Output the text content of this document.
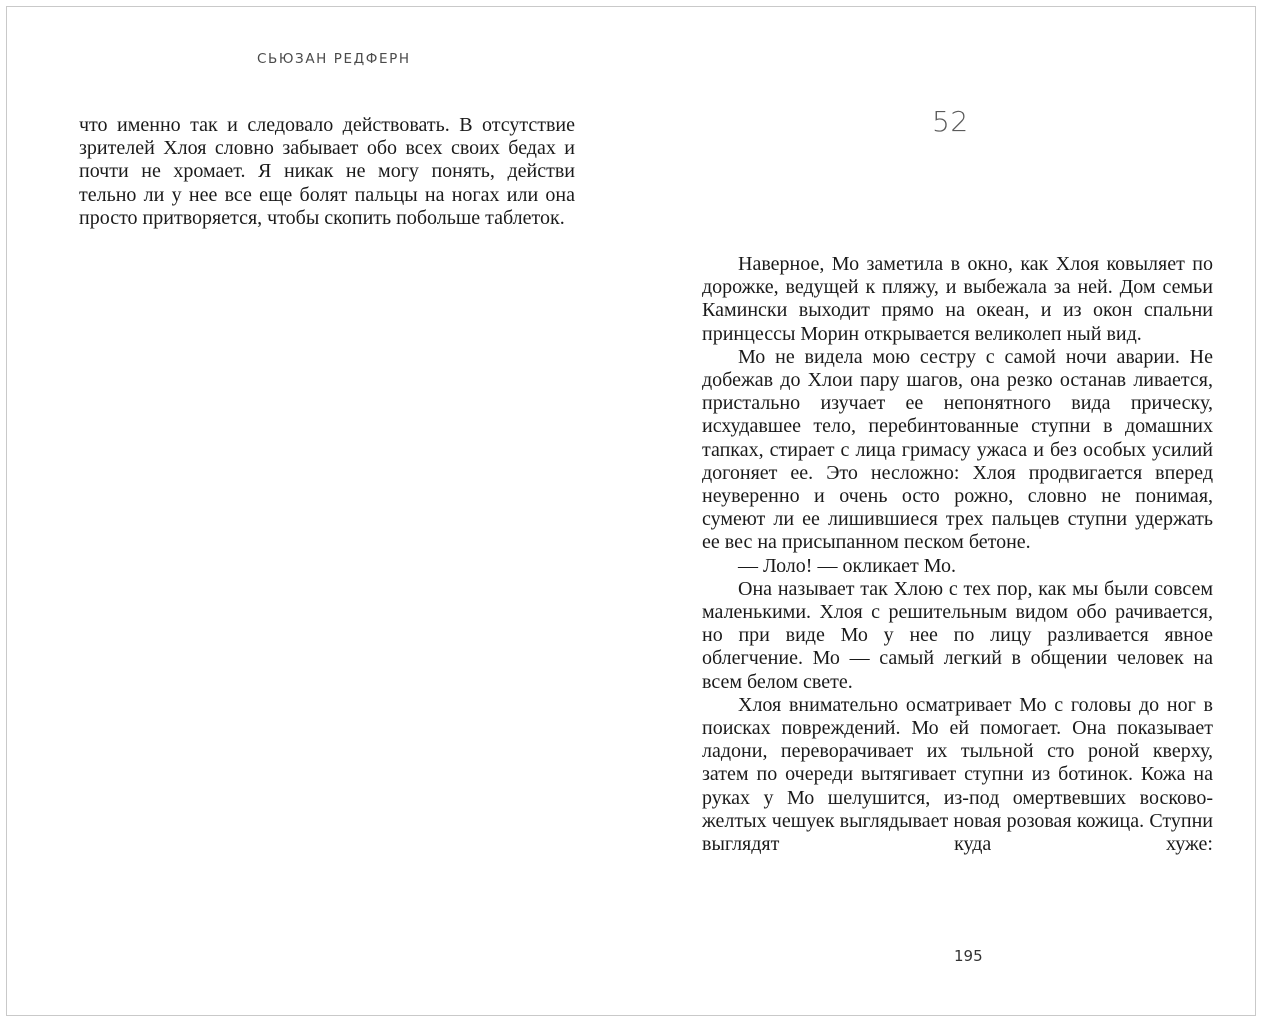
СЬЮЗАН РЕДФЕРН

что именно так и следовало действовать. В отсутствие зрителей Хлоя словно забывает обо всех своих бедах и почти не хромает. Я никак не могу понять, действи тельно ли у нее все еще болят пальцы на ногах или она просто притворяется, чтобы скопить побольше таблеток.

52

Наверное, Мо заметила в окно, как Хлоя ковыляет по дорожке, ведущей к пляжу, и выбежала за ней. Дом семьи Камински выходит прямо на океан, и из окон спальни принцессы Морин открывается великолеп ный вид.

Мо не видела мою сестру с самой ночи аварии. Не добежав до Хлои пару шагов, она резко останав ливается, пристально изучает ее непонятного вида прическу, исхудавшее тело, перебинтованные ступни в домашних тапках, стирает с лица гримасу ужаса и без особых усилий догоняет ее. Это несложно: Хлоя продвигается вперед неуверенно и очень осто рожно, словно не понимая, сумеют ли ее лишившиеся трех пальцев ступни удержать ее вес на присыпанном песком бетоне.

— Лоло! — окликает Мо.

Она называет так Хлою с тех пор, как мы были совсем маленькими. Хлоя с решительным видом обо рачивается, но при виде Мо у нее по лицу разливается явное облегчение. Мо — самый легкий в общении человек на всем белом свете.

Хлоя внимательно осматривает Мо с головы до ног в поисках повреждений. Мо ей помогает. Она показывает ладони, переворачивает их тыльной сто роной кверху, затем по очереди вытягивает ступни из ботинок. Кожа на руках у Мо шелушится, из-под омертвевших восково-желтых чешуек выглядывает новая розовая кожица. Ступни выглядят куда хуже:

195
